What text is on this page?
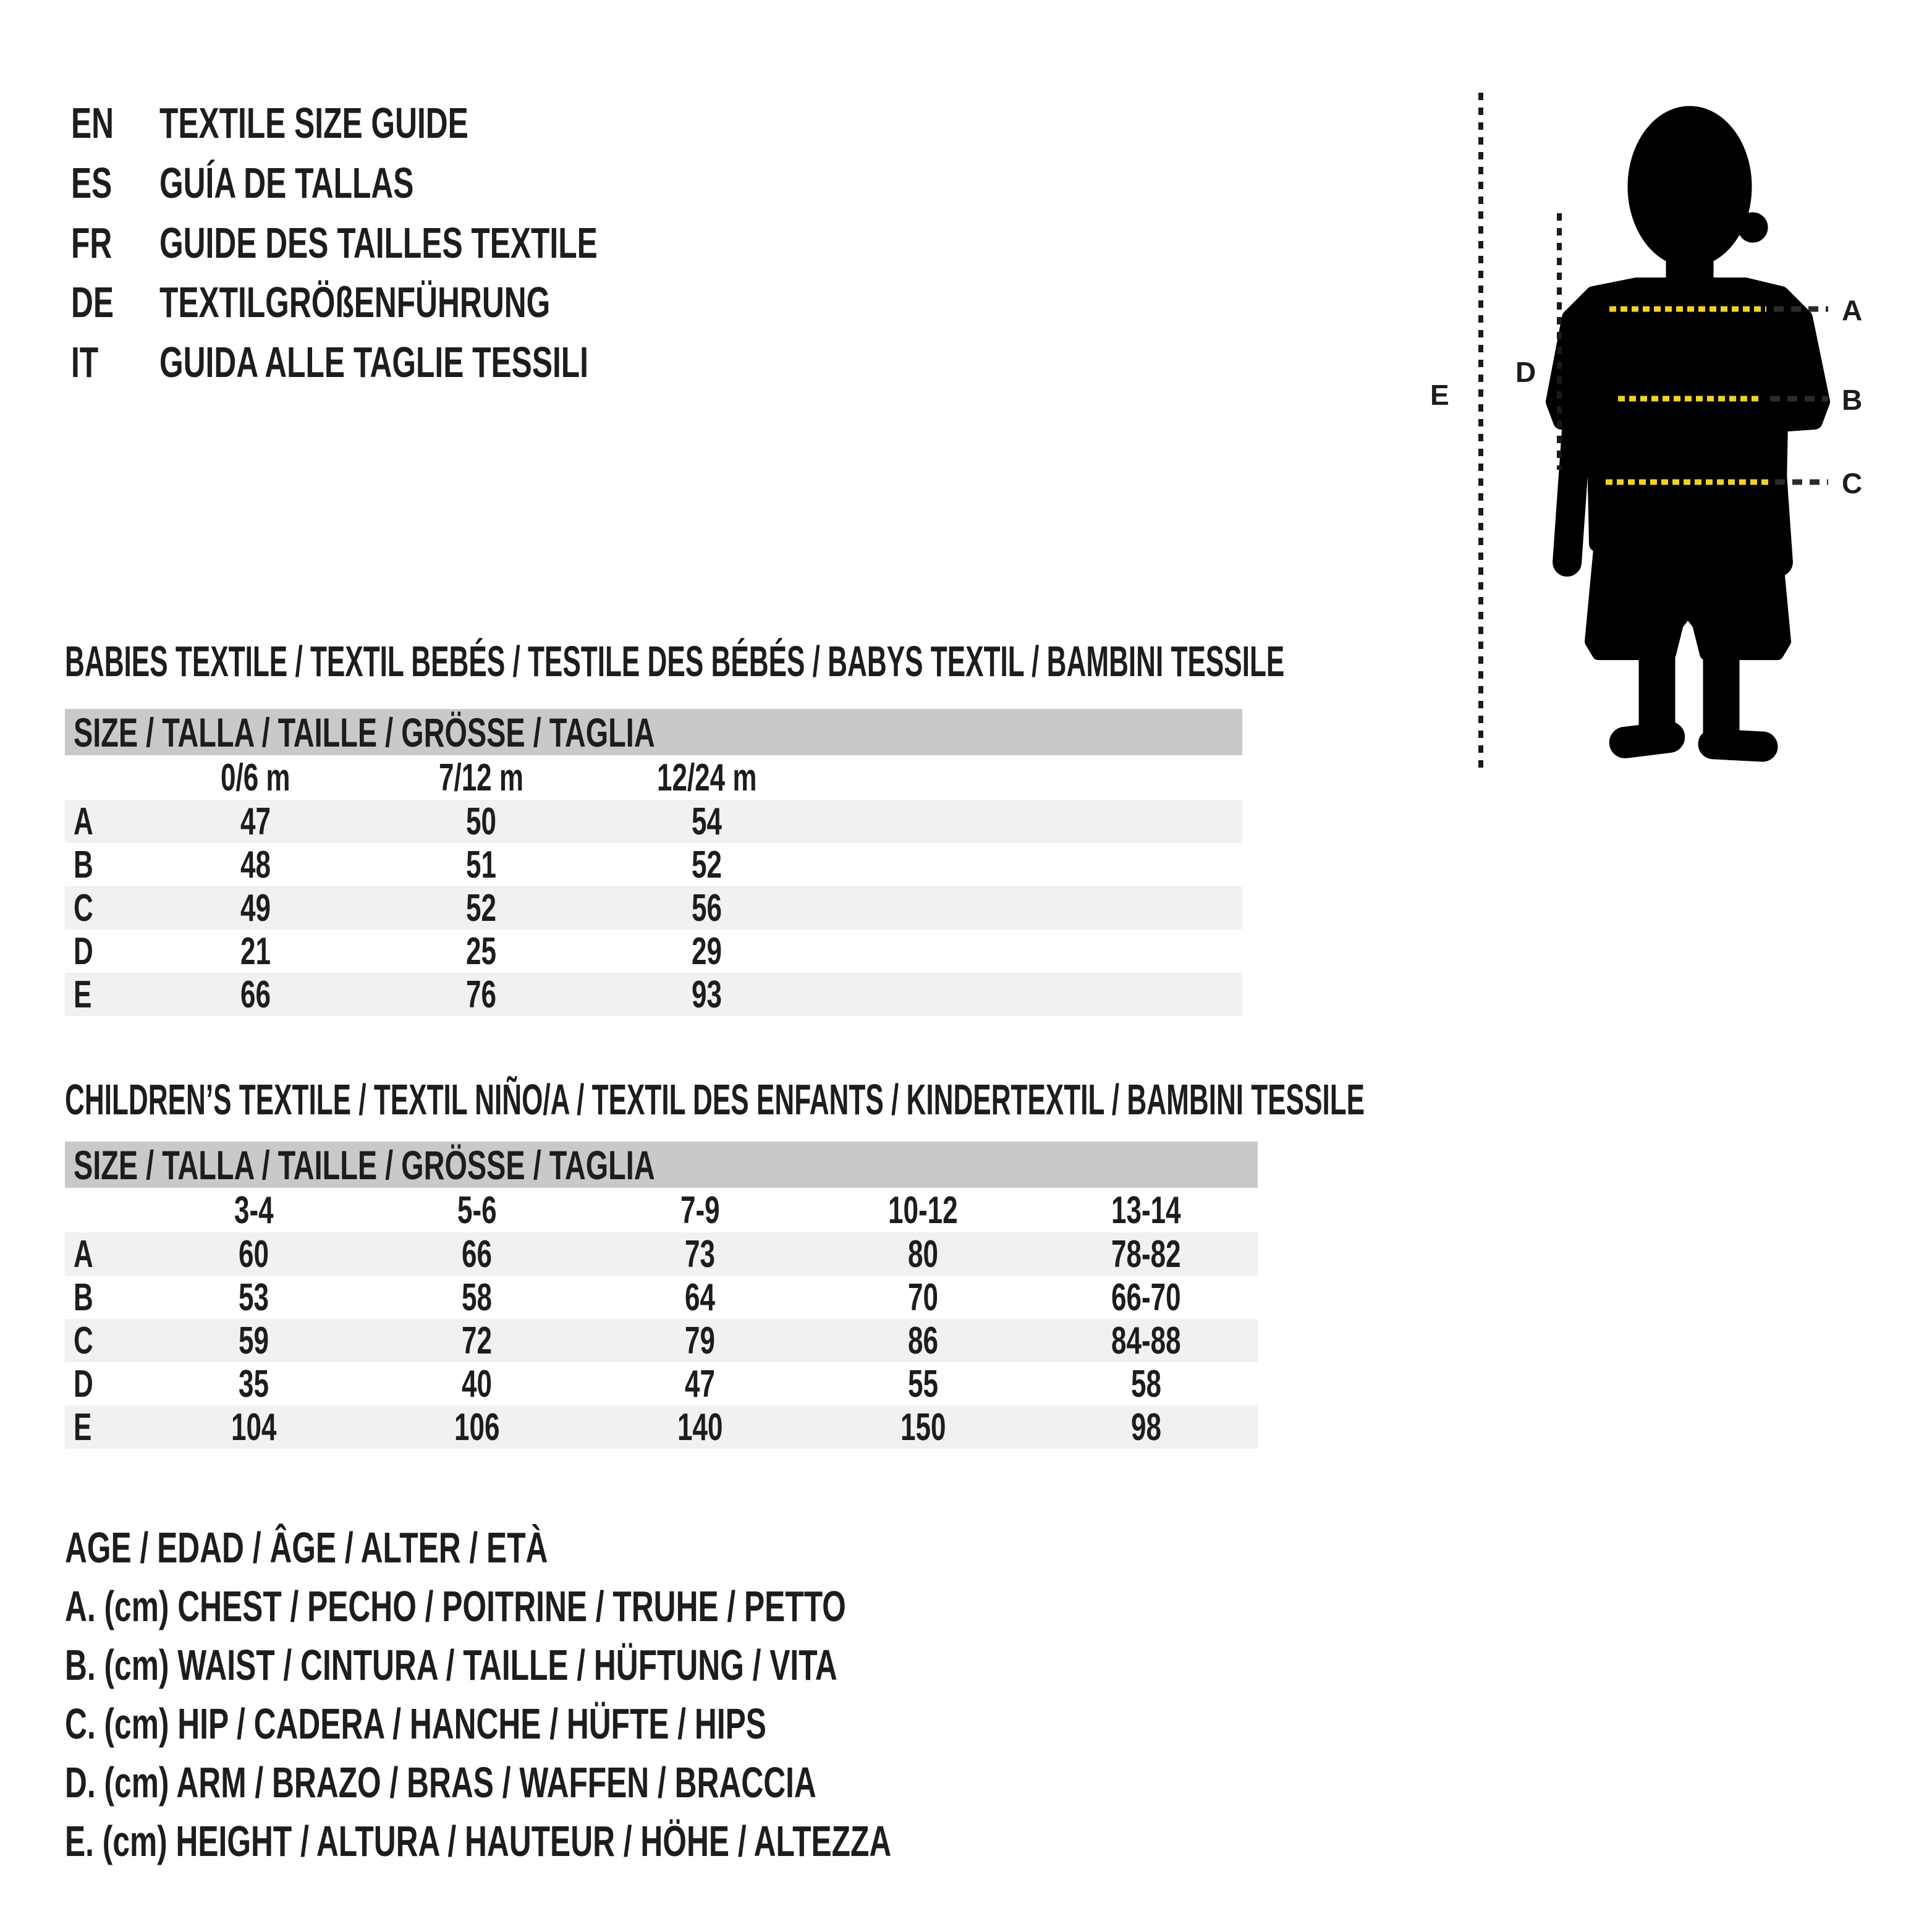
EN	TEXTILE SIZE GUIDE
ES	GUÍA DE TALLAS
FR	GUIDE DES TAILLES TEXTILE
DE	TEXTILGRÖßENFÜHRUNG
IT GUIDA ALLE TAGLIE TESSILI
A
B
C
D
E
BABIES TEXTILE / TEXTIL BEBÉS / TESTILE DES BÉBÉS / BABYS TEXTIL / BAMBINI TESSILE
SIZE / TALLA / TAILLE / GRÖSSE / TAGLIA
0/6 m	7/12 m	12/24 m
A	47	50	54
B	48	51	52
C	49	52	56
D	21	25	29
E	66	76	93
CHILDREN’S TEXTILE / TEXTIL NIÑO/A / TEXTIL DES ENFANTS / KINDERTEXTIL / BAMBINI TESSILE
SIZE / TALLA / TAILLE / GRÖSSE / TAGLIA
3-4	5-6	7-9	10-12	13-14
A	60	66	73	80	78-82
B	53	58	64	70	66-70
C	59	72	79	86	84-88
D	35	40	47	55	58
E	104	106	140	150	98
AGE / EDAD / ÂGE / ALTER / ETÀ
A. (cm) CHEST / PECHO / POITRINE / TRUHE / PETTO
B. (cm) WAIST / CINTURA / TAILLE / HÜFTUNG / VITA
C. (cm) HIP / CADERA / HANCHE / HÜFTE / HIPS
D. (cm) ARM / BRAZO / BRAS / WAFFEN / BRACCIA
E. (cm) HEIGHT / ALTURA / HAUTEUR / HÖHE / ALTEZZA
